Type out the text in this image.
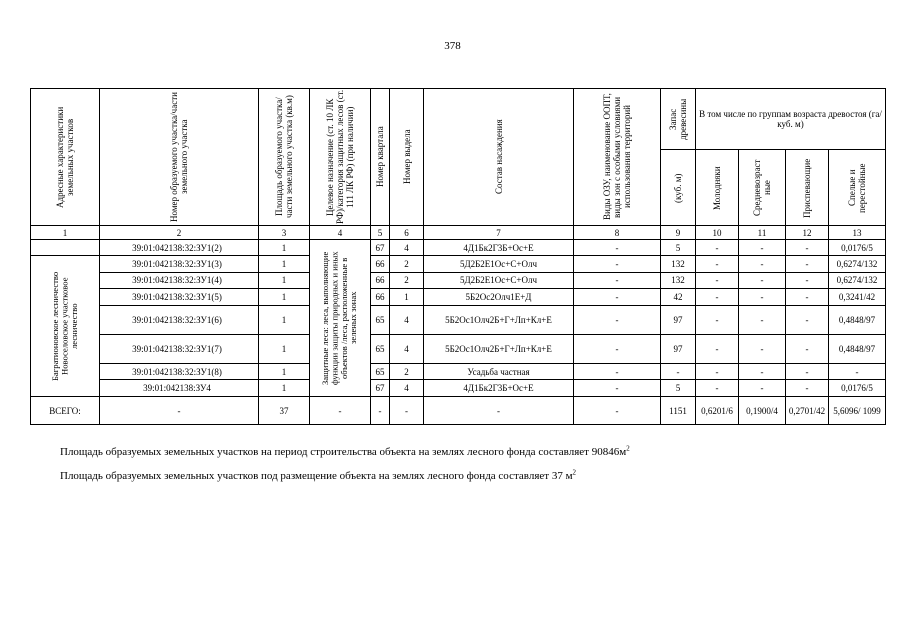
378
Адресные характеристики земельных участков	Номер образуемого участка/части земельного участка	Площадь образуемого участка/части земельного участка (кв.м)	Целевое назначение (ст. 10 ЛК РФ)/категория защитных лесов (ст. 111 ЛК РФ) (при наличии)	Номер квартала	Номер выдела	Состав насаждения	Виды ОЗУ, наименование ООПТ, виды зон с особыми условиями использования территорий	Запас древесины	В том числе по группам возраста древостоя (га/куб. м)			

								(куб. м)	Молодняки	Средневозраст ные	Приспевающие	Спелые и перестойные

1	2	3	4	5	6	7	8	9	10	11	12	13
	39:01:042138:32:ЗУ1(2)	1	Защитные леса: леса, выполняющие функции защиты природных и иных объектов /леса, расположенные в зеленых зонах	67	4	4Д1Бк2Г3Б+Ос+Е	-	5	-	-	-	0,0176/5

Багратионовское лесничество Новоселовское участковое лесничество	39:01:042138:32:ЗУ1(3)	1		66	2	5Д2Б2Е1Ос+С+Олч	-	132	-	-	-	0,6274/132
	39:01:042138:32:ЗУ1(4)	1		66	2	5Д2Б2Е1Ос+С+Олч	-	132	-	-	-	0,6274/132
	39:01:042138:32:ЗУ1(5)	1		66	1	5Б2Ос2Олч1Е+Д	-	42	-	-	-	0,3241/42
	39:01:042138:32:ЗУ1(6)	1		65	4	5Б2Ос1Олч2Б+Г+Лп+Кл+Е	-	97	-	-	-	0,4848/97
	39:01:042138:32:ЗУ1(7)	1		65	4	5Б2Ос1Олч2Б+Г+Лп+Кл+Е	-	97	-	-	-	0,4848/97
	39:01:042138:32:ЗУ1(8)	1		65	2	Усадьба частная	-	-	-	-	-	-
	39:01:042138:ЗУ4	1		67	4	4Д1Бк2Г3Б+Ос+Е	-	5	-	-	-	0,0176/5
ВСЕГО:	-	37	-	-	-	-	-	1151	0,6201/6	0,1900/4	0,2701/42	5,6096/ 1099
Площадь образуемых земельных участков на период строительства объекта на землях лесного фонда составляет $90846м^2$
Площадь образуемых земельных участков под размещение объекта на землях лесного фонда составляет 37 $м^2$
